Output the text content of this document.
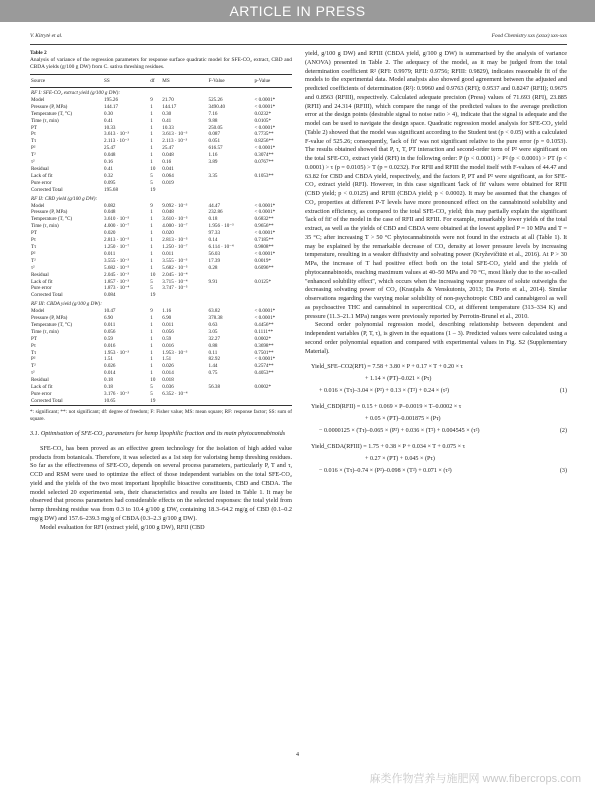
ARTICLE IN PRESS
V. Kitrytė et al.	Food Chemistry xxx (xxxx) xxx-xxx
Table 2
Analysis of variance of the regression parameters for response surface quadratic model for SFE-CO₂ extract, CBD and CBDA yields (g/100 g DW) from C. sativa threshing residues.
Source	SS	df	MS	F-Value	p-Value
RF I: SFE-CO₂ extract yield (g/100 g DW):					
Model	195.26	9	21.70	525.26	< 0.0001*
Pressure (P, MPa)	144.17	1	144.17	3490.40	< 0.0001*
Temperature (T, °C)	0.30	1	0.30	7.16	0.0232*
Time (τ, min)	0.41	1	0.41	9.88	0.0105*
PT	10.33	1	10.33	250.05	< 0.0001*
Pτ	3.613 · 10⁻³	1	3.613 · 10⁻³	0.087	0.7735**
Tτ	2.113 · 10⁻³	1	2.113 · 10⁻³	0.051	0.8256**
P²	25.47	1	25.47	616.57	< 0.0001*
T²	0.048	1	0.048	1.16	0.3074**
τ²	0.16	1	0.16	3.89	0.0767**
Residual	0.41	10	0.041		
Lack of fit	0.32	5	0.064	3.35	0.1053**
Pure error	0.095	5	0.019		
Corrected Total	195.68	19			
RF II: CBD yield (g/100 g DW):					
Model	0.082	9	9.092 · 10⁻³	44.47	< 0.0001*
Pressure (P, MPa)	0.048	1	0.048	232.86	< 0.0001*
Temperature (T, °C)	3.610 · 10⁻⁵	1	3.610 · 10⁻⁵	0.18	0.6832**
Time (τ, min)	4.000 · 10⁻⁷	1	4.000 · 10⁻⁷	1.956 · 10⁻³	0.9656**
PT	0.020	1	0.020	97.33	< 0.0001*
Pτ	2.813 · 10⁻⁵	1	2.813 · 10⁻⁵	0.14	0.7185**
Tτ	1.250 · 10⁻⁷	1	1.250 · 10⁻⁷	6.114 · 10⁻⁴	0.9808**
P²	0.011	1	0.011	56.03	< 0.0001*
T²	3.555 · 10⁻³	1	3.555 · 10⁻³	17.39	0.0019*
τ²	5.682 · 10⁻⁵	1	5.682 · 10⁻⁵	0.28	0.6096**
Residual	2.045 · 10⁻³	10	2.045 · 10⁻⁴		
Lack of fit	1.857 · 10⁻³	5	3.715 · 10⁻⁴	9.91	0.0125*
Pure error	1.873 · 10⁻⁴	5	3.747 · 10⁻⁵		
Corrected Total	0.084	19			
RF III: CBDA yield (g/100 g DW):					
Model	10.47	9	1.16	63.82	< 0.0001*
Pressure (P, MPa)	6.90	1	6.90	378.38	< 0.0001*
Temperature (T, °C)	0.011	1	0.011	0.63	0.4456**
Time (τ, min)	0.056	1	0.056	3.05	0.1111**
PT	0.59	1	0.59	32.27	0.0002*
Pτ	0.016	1	0.016	0.88	0.3698**
Tτ	1.953 · 10⁻³	1	1.953 · 10⁻³	0.11	0.7501**
P²	1.51	1	1.51	82.92	< 0.0001*
T²	0.026	1	0.026	1.44	0.2574**
τ²	0.014	1	0.014	0.75	0.4053**
Residual	0.18	10	0.018		
Lack of fit	0.18	5	0.036	56.38	0.0002*
Pure error	3.176 · 10⁻³	5	6.352 · 10⁻⁴		
Corrected Total	10.65	19			
*: significant; **: not significant; df: degree of freedom; F: Fisher value; MS: mean square; RF: response factor; SS: sum of square.
3.1. Optimisation of SFE-CO₂ parameters for hemp lipophilic fraction and its main phytocannabinoids

SFE-CO₂ has been proved as an effective green technology for the isolation of high added value products from botanicals. Therefore, it was selected as a 1st step for valorising hemp threshing residues. So far as the effectiveness of SFE-CO₂ depends on several process parameters, particularly P, T and τ, CCD and RSM were used to optimize the effect of those independent variables on the total SFE-CO₂ yield and the yields of the two most important lipophilic bioactive constituents, CBD and CBDA. The model selected 20 experimental sets, their characteristics and results are listed in Table 1. It may be observed that process parameters had considerable effects on the selected responses: the total yield from hemp threshing residue was from 0.3 to 10.4 g/100 g DW, containing 18.3–64.2 mg/g of CBD (0.1–0.2 mg/g DW) and 157.6–239.3 mg/g of CBDA (0.3–2.3 g/100 g DW).

Model evaluation for RFI (extract yield, g/100 g DW), RFII (CBD

yield, g/100 g DW) and RFIII (CBDA yield, g/100 g DW) is summarised by the analysis of variance (ANOVA) presented in Table 2. The adequacy of the model, as it may be judged from the total determination coefficient R² (RFI: 0.9979; RFII: 0.9756; RFIII: 0.9829), indicates reasonable fit of the models to the experimental data. Model analysis also showed good agreement between the adjusted and predicted coefficients of determination (R²): 0.9960 and 0.9763 (RFI); 0.9537 and 0.8247 (RFII); 0.9675 and 0.8563 (RFIII), respectively. Calculated adequate precision (Press) values of 71.693 (RFI), 23.885 (RFII) and 24.314 (RFIII), which compare the range of the predicted values to the average prediction error at the design points (desirable signal to noise ratio > 4), indicate that the signal is adequate and the model can be used to navigate the design space. Quadratic regression model analysis for SFE-CO₂ yield (Table 2) showed that the model was significant according to the Student test (p < 0.05) with a calculated F-value of 525.26; consequently, 'lack of fit' was not significant relative to the pure error (p = 0.1053). The results obtained showed that P, τ, T, PT interaction and second-order term of P² were significant on the total SFE-CO₂ extract yield (RFI) in the following order: P (p < 0.0001) > P² (p < 0.0001) > PT (p < 0.0001) > τ (p = 0.0105) > T (p = 0.0232). For RFII and RFIII the model itself with F-values of 44.47 and 63.82 for CBD and CBDA yield, respectively, and the factors P, PT and P² were significant, as for SFE-CO₂ extract yield (RFI). However, in this case significant 'lack of fit' values were obtained for RFII (CBD yield; p < 0.0125) and RFIII (CBDA yield; p < 0.0002). It may be assumed that the changes of CO₂ properties at different P-T levels have more pronounced effect on the cannabinoid solubility and extraction efficiency, as compared to the total SFE-CO₂ yield; this may partially explain the significant 'lack of fit' of the model in the case of RFII and RFIII. For example, remarkably lower yields of the total extract, as well as the yields of CBD and CBDA were obtained at the lowest applied P = 10 MPa and T = 35 °C; after increasing T > 50 °C phytocannabinoids were not found in the extracts at all (Table 1). It may be explained by the remarkable decrease of CO₂ density at lower pressure levels by increasing temperature, resulting in a weaker diffusivity and solvating power (Kryževičiūtė et al., 2016). At P > 30 MPa, the increase of T had positive effect both on the total SFE-CO₂ yield and the yields of phytocannabinoids, reaching maximum values at 40–50 MPa and 70 °C, most likely due to the so-called "enhanced solubility effect", which occurs when the increasing vapour pressure of solute outweighs the decreasing solvating power of CO₂ (Kraujalis & Venskutonis, 2013; Da Porto et al., 2014). Similar observations regarding the varying molar solubility of non-psychotropic CBD and cannabigerol as well as psychoactive THC and cannabinol in supercritical CO₂ at different temperature (313–334 K) and pressure (11.3–21.1 MPa) ranges were previously reported by Perrotin-Brunel et al., 2010.

Second order polynomial regression model, describing relationship between dependent and independent variables (P, T, τ), is given in the equations (1 – 3). Predicted values were calculated using a second order polynomial equation and compared with experimental values in Fig. S2 (Supplementary Material).

Yield_SFE–CO2(RFI) = 7.58 + 3.80 × P + 0.17 × T + 0.20 × τ
+ 1.14 × (PT)–0.021 × (Pτ)
+ 0.016 × (Tτ)–3.04 × (P²) + 0.13 × (T²) + 0.24 × (τ²)	(1)
Yield_CBD(RFII) = 0.15 + 0.069 × P–0.0019 × T–0.0002 × τ
+ 0.05 × (PT)–0.001875 × (Pτ)
− 0.0000125 × (Tτ)–0.065 × (P²) + 0.036 × (T²) + 0.004545 × (τ²)	(2)
Yield_CBDA(RFIII) = 1.75 + 0.38 × P + 0.034 × T + 0.075 × τ
+ 0.27 × (PT) + 0.045 × (Pτ)
− 0.016 × (Tτ)–0.74 × (P²)–0.098 × (T²) + 0.071 × (τ²)	(3)
4
麻类作物营养与施肥网 www.fibercrops.com
